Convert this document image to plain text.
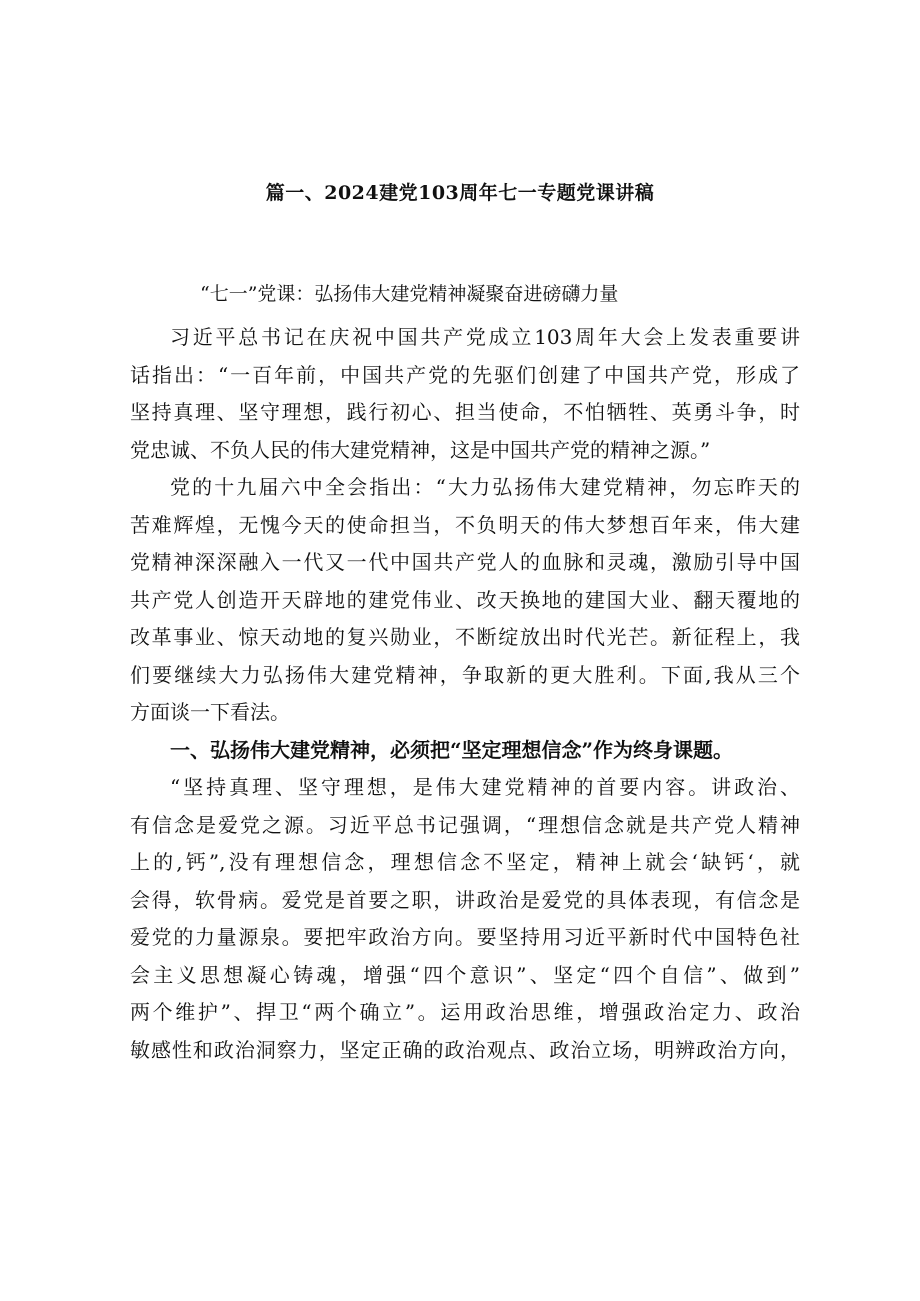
篇一、2024建党103周年七一专题党课讲稿
“七一”党课：弘扬伟大建党精神凝聚奋进磅礴力量
习近平总书记在庆祝中国共产党成立103周年大会上发表重要讲
话指出：“一百年前，中国共产党的先驱们创建了中国共产党，形成了
坚持真理、坚守理想，践行初心、担当使命，不怕牺牲、英勇斗争，时
党忠诚、不负人民的伟大建党精神，这是中国共产党的精神之源。”
党的十九届六中全会指出：“大力弘扬伟大建党精神，勿忘昨天的
苦难辉煌，无愧今天的使命担当，不负明天的伟大梦想百年来，伟大建
党精神深深融入一代又一代中国共产党人的血脉和灵魂，激励引导中国
共产党人创造开天辟地的建党伟业、改天换地的建国大业、翻天覆地的
改革事业、惊天动地的复兴勋业，不断绽放出时代光芒。新征程上，我
们要继续大力弘扬伟大建党精神，争取新的更大胜利。下面,我从三个
方面谈一下看法。
一、弘扬伟大建党精神，必须把“坚定理想信念”作为终身课题。
“坚持真理、坚守理想，是伟大建党精神的首要内容。讲政治、
有信念是爱党之源。习近平总书记强调，“理想信念就是共产党人精神
上的,钙”,没有理想信念，理想信念不坚定，精神上就会‘缺钙‘，就
会得，软骨病。爱党是首要之职，讲政治是爱党的具体表现，有信念是
爱党的力量源泉。要把牢政治方向。要坚持用习近平新时代中国特色社
会主义思想凝心铸魂，增强“四个意识”、坚定“四个自信”、做到”
两个维护”、捍卫“两个确立”。运用政治思维，增强政治定力、政治
敏感性和政治洞察力，坚定正确的政治观点、政治立场，明辨政治方向，
